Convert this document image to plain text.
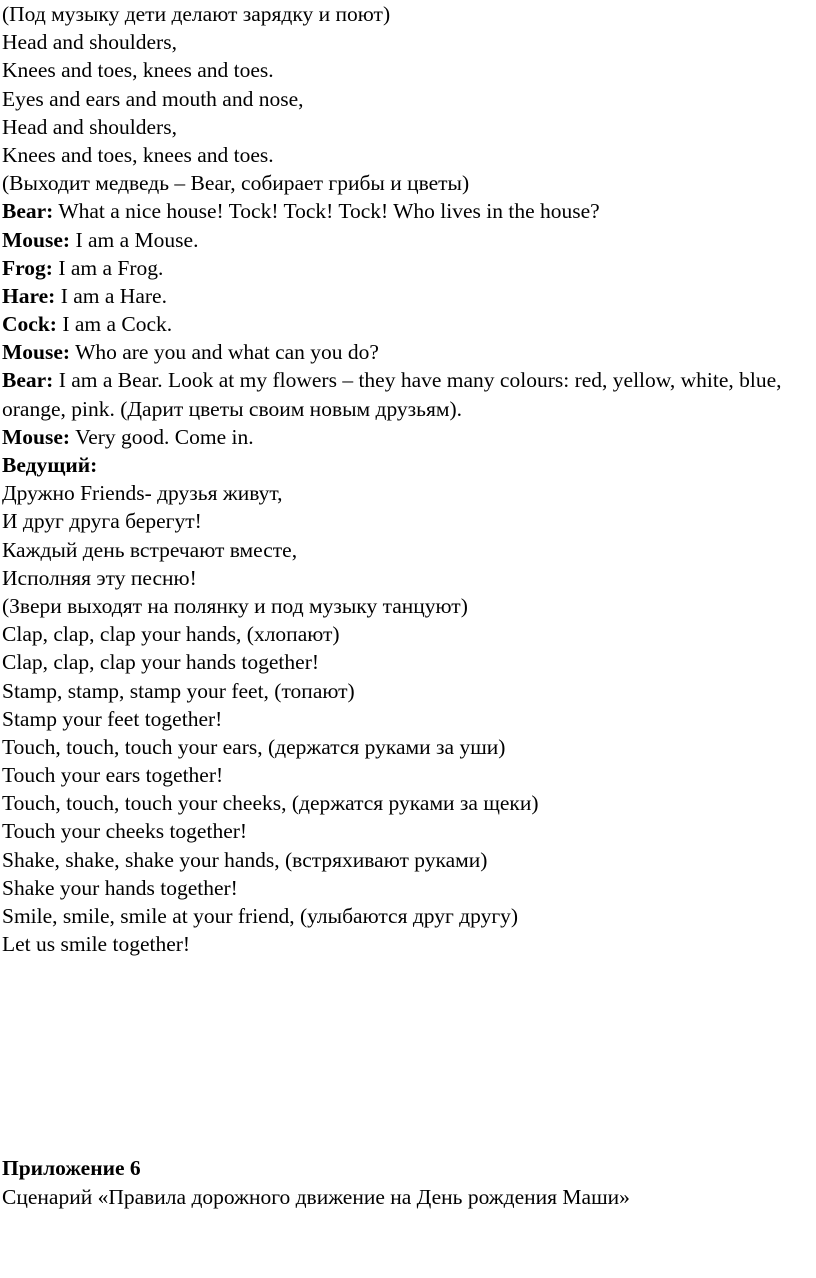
(Под музыку дети делают зарядку и поют)
Head and shoulders,
Knees and toes, knees and toes.
Eyes and ears and mouth and nose,
Head and shoulders,
Knees and toes, knees and toes.
(Выходит медведь – Bear, собирает грибы и цветы)
Bear: What a nice house! Tock! Tock! Tock! Who lives in the house?
Mouse: I am a Mouse.
Frog: I am a Frog.
Hare: I am a Hare.
Cock: I am a Cock.
Mouse: Who are you and what can you do?
Bear: I am a Bear. Look at my flowers – they have many colours: red, yellow, white, blue, orange, pink. (Дарит цветы своим новым друзьям).
Mouse: Very good. Come in.
Ведущий:
Дружно Friends- друзья живут,
И друг друга берегут!
Каждый день встречают вместе,
Исполняя эту песню!
(Звери выходят на полянку и под музыку танцуют)
Clap, clap, clap your hands, (хлопают)
Clap, clap, clap your hands together!
Stamp, stamp, stamp your feet, (топают)
Stamp your feet together!
Touch, touch, touch your ears, (держатся руками за уши)
Touch your ears together!
Touch, touch, touch your cheeks, (держатся руками за щеки)
Touch your cheeks together!
Shake, shake, shake your hands, (встряхивают руками)
Shake your hands together!
Smile, smile, smile at your friend, (улыбаются друг другу)
Let us smile together!
Приложение 6
Сценарий «Правила дорожного движение на День рождения Маши»
